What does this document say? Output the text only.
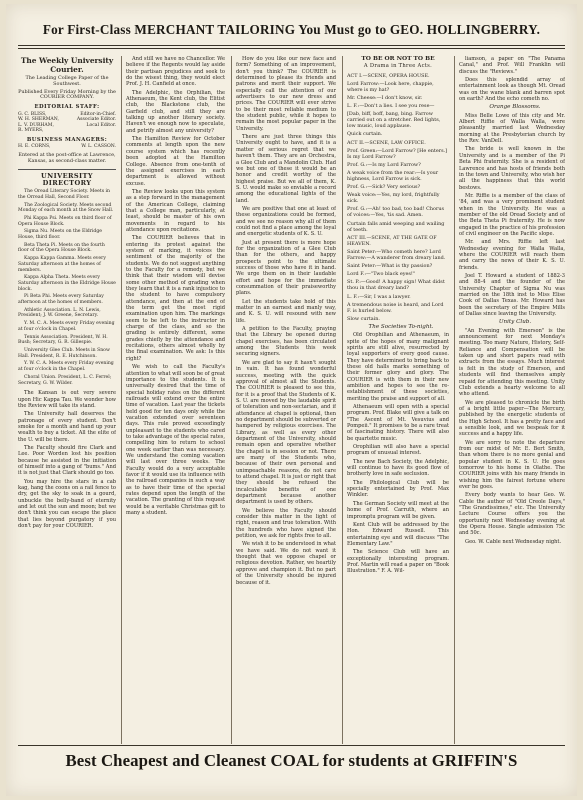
For First-Class MERCHANT TAILORING You Must go to GEO. HOLLINGBERRY.
The Weekly University Courier.
The Leading College Paper of the Southwest.
Published Every Friday Morning by the COURIER COMPANY.
EDITORIAL STAFF:
G. C. BLISS,	Editor-in-Chief.
W. H. SHERMAN,	Associate Editor.
L. V. DURHAM,	Local Editor.
R. MYERS,
BUSINESS MANAGERS:
H. E. CORNS,	W. L. CASSON.
Entered at the post-office at Lawrence, Kansas, as second-class matter.
UNIVERSITY DIRECTORY

The Oread Literary Society. Meets in the Orread Hall, Second Floor.

The Zoological Society. Meets second Monday of each month at the Snow Hall.

Phi Kappa Psi. Meets on third floor of Opera House Block.

Sigma Nu. Meets on the Eldridge House, third floor.

Beta Theta Pi. Meets on the fourth floor of the Opera House Block.

Kappa Kappa Gamma. Meets every Saturday afternoon at the homes of members.

Kappa Alpha Theta. Meets every Saturday afternoon in the Eldridge House block.

Pi Beta Phi. Meets every Saturday afternoon at the homes of members.

Athletic Association. L. N. Lewis, President; J. W. Greene, Secretary.

Y. M. C. A. Meets every Friday evening at four o'clock in Chapel.

Tennis Association. President, W. H. Bush; Secretary, G. R. Gillespie.

University Glee Club. Meets in Snow Hall. President, R. E. Hutchinson.

Y. W. C. A. Meets every Friday evening at four o'clock in the Chapel.

Choral Union. President, L. C. Ferrel; Secretary, G. W. Wilder.

The Kansan is out very severe upon Hic Kappa Tau. We wonder how the Review will take its stand.

The University hall deserves the patronage of every student. Don't smoke for a month and hand up your wealth to buy a ticket. All the elite of the U. will be there.

The Faculty should fire Clark and Lee. Poor Worden lost his position because he assisted in the initiation of himself into a gang of "bums." And it is not just that Clark should go too.

You may hire the stars in a cab kag, hang the coons on a rail fence to dry, get the sky to soak in a gourd, unbuckle the belly-band of eternity and let out the sun and moon; but we don't think you can escape the place that lies beyond purgatory if you don't pay for your COURIER.

And still we have no Chancellor. We believe if the Regents would lay aside their partisan prejudices and seek to do the wisest thing, they would elect Prof. J. H. Canfield at once.

The Adelphic, the Orphilian, the Athenaeum, the Kent club, the Elitist club, the Blackstone club, the Garfield club, and still they are talking up another literary society. Haven't we enough now to speculate, and petrify almost any university?

The Hamilton Review for October comments at length upon the new course system which has recently been adopted at the Hamilton College. Absence from one-tenth of the assigned exercises in each department is allowed without excuse.

The Review looks upon this system as a step forward in the management of the American College, claiming that a College man, particularly, at least, should be master of his own movements in regard to his attendance upon recitations.

The COURIER believes that in entering its protest against the system of marking, it voices the sentiment of the majority of the students. We do not suggest anything to the Faculty for a remedy, but we think that their wisdom will devise some other method of grading when they learn that it is a rank injustice to the student to have compulsory attendance, and then at the end of the term get the most rigid examination upon him. The markings seem to be left to the instructor in charge of the class, and so the grading is entirely different, some grades chiefly by the attendance and recitations, others almost wholly by the final examination. We ask: Is this right?

We wish to call the Faculty's attention to what will soon be of great importance to the students. It is universally desired that the time of special holiday rates on the different railroads will extend over the entire time of vacation. Last year the tickets held good for ten days only while the vacation extended over seventeen days. This rule proved exceedingly unpleasant to the students who cared to take advantage of the special rates, compelling him to return to school one week earlier than was necessary. We understand the coming vacation will last over three weeks. The Faculty would do a very acceptable favor if it would use its influence with the railroad companies in such a way as to have their time of the special rates depend upon the length of the vacation. The granting of this request would be a veritable Christmas gift to many a student.

How do you like our new face and form? Something of an improvement, don't you think? The COURIER is determined to please its friends and patrons and merit their support. We especially call the attention of our advertisers to our new dress and prices. The COURIER will ever strive to be their most reliable medium to the student public, while it hopes to remain the most popular paper in the University.

There are just three things this University ought to have, and it is a matter of serious regret that we haven't them. They are an Orchestra, a Glee Club and a Mandolin Club. Had we but one of these it would be an honor and credit worthy of the highest praise. But we all of them, K. S. U. would make so enviable a record among the educational lights of the land.

We are positive that one at least of these organizations could be formed, and we see no reason why all of them could not find a place among the loyal and energetic students of K. S. U.

Just at present there is more hope for the organization of a Glee Club than for the others, and happy prospects point to the ultimate success of those who have it in hand. We urge them on in their laudable effort and hope for the immediate consummation of their praiseworthy plans.

Let the students take hold of this matter in an earnest and manly way, and K. S. U. will resound with new life.

A petition to the Faculty, praying that the Library be opened during chapel exercises, has been circulated among the Students this week securing signers.

We are glad to say it hasn't sought in vain. It has found wonderful success, meeting with the quick approval of almost all the Students. The COURIER is pleased to see this, for it is a proof that the Students of K. S. U. are moved by the laudable spirit of toleration and non-sectarian, and if attendance at chapel is optional, then no department should be subverted or hampered by religious exercises. The Library, as well as every other department of the University, should remain open and operative whether the chapel is in session or not. There are many of the Students who, because of their own personal and unimpeachable reasons, do not care to attend chapel. It is just or right that they should be refused the incalculable benefits of one department because another department is used by others.

We believe the Faculty should consider this matter in the light of right, reason and true toleration. With the hundreds who have signed the petition, we ask for rights free to all.

We wish it to be understood in what we have said. We do not want it thought that we oppose chapel or religious devotion. Rather, we heartily approve and champion it. But no part of the University should be injured because of it.

TO BE OR NOT TO BE
A Drama in Three Acts.

ACT I.—SCENE, OPERA HOUSE.

Lord Farrow:—Look here, chappie, where is my hat?

Mr. Cheese:—I don't know, sir.

L. F.:—Don't a lies. I see you rese—

[Dab, biff, boff, bang, bing. Farrow carried out on a stretcher. Red lights, low music, loud applause.

Quick curtain.

ACT II.—SCENE, LAW OFFICE.

Prof. Green:—Lord Farrow? [He enters.] Is my Lord Farrow?

Prof. G.:—Is my Lord Farrow?

A weak voice from the rear:—Is your highness, Lord Farrow is sick.

Prof. G.:—Sick? Very serious?

Weak voice:—Yes, my lord, frightfully sick.

Prof. G.:—Ah! too bad, too bad! Chorus of voices:—Yes, 'tis sad. Amen.

Curtain falls amid weeping and wailing of teeth.

ACT III.—SCENE, AT THE GATE OF HEAVEN.

Saint Peter:—Who cometh here? Lord Farrow:—A wanderer from dreary land.

Saint Peter:—What is thy passion?

Lord F.:—"Two black eyes!"

St. P.:—Good! A happy sign! What didst thou in that dreary land?

L. F.:—Sir, I was a lawyer.

A tremendous noise is heard, and Lord F. is hurled below.

Slow curtain.

The Societies To-night.

Old Orophilian and Athenaeum, in spite of the hopes of many malignant spirits are still alive, resurrected by loyal supporters of every good cause. They have determined to bring back to these old halls marks something of their former glory and glory. The COURIER is with them in their new ambition and hopes to see the re-establishment of these societies, meriting the praise and support of all.

Athenaeum will open with a special program. Prof. Blake will give a talk on "The Ascent of Mt. Vesuvius and Pompeii." It promises to be a rare treat of fascinating history. There will also be quartette music.

Orophilian will also have a special program of unusual interest.

The new Bach Society, the Adelphic, will continue to have its good flow of brotherly love in safe seclusion.

The Philological Club will be specially entertained by Prof. Max Winkler.

The German Society will meet at the home of Prof. Carruth, where an impromptu program will be given.

Kent Club will be addressed by the Hon. Edward Russell. This entertaining eye and will discuss "The Elementary Law."

The Science Club will have an exceptionally interesting program. Prof. Martin will read a paper on "Book Illustration." F. A. Wil-

liamson, a paper on "The Panama Canal," and Prof. Will Franklin will discuss the "Reviews."

Does this splendid array of entertainment look as though Mt. Oread was on the wane blank and barren spot on earth? And the echo cometh no.

Orange Blossoms.

Miss Belle Lowe of this city and Mr. Albert Riffie of Walla Walla, were pleasantly married last Wednesday morning at the Presbyterian church by the Rev. VanDell.

The bride is well known in the University and is a member of the Pi Beta Phi fraternity. She is a resident of Lawrence and has hosts of friends both in the town and University, who wish her all the happiness that this world bestows.

Mr. Riffie is a member of the class of '84, and was a very prominent student when in the University. He was a member of the old Oread Society and of the Beta Theta Pi fraternity. He is now engaged in the practice of his profession of civil engineer on the Pacific slope.

Mr. and Mrs. Riffie left last Wednesday evening for Walla Walla, where the COURIER will reach them and carry the news of their K. S. U. friends.

Joel T. Howard a student of 1882-3 and 88-4 and the founder of the University Chapter of Sigma Nu was married on the 18th inst to Miss Elise Cook of Dallas Texas. Mr. Howard has been the secretary of the Empire Mills of Dallas since leaving the University.

Unity Club.

"An Evening with Emerson" is the announcement for next Monday's meeting. Too many Nature, History, Self-Reliance and Compensation will be taken up and short papers read with extracts from the essays. Much interest is felt in the study of Emerson, and students will find themselves amply repaid for attending this meeting. Unity Club extends a hearty welcome to all who attend.

We are pleased to chronicle the birth of a bright little paper—The Mercury, published by the energetic students of the High School. It has a pretty face and a sensible look, and we bespeak for it success and a happy life.

We are sorry to note the departure from our midst of Mr. E. Bert Smith, than whom there is no more genial and popular student in K. S. U. He goes tomorrow to his home in Olathe. The COURIER joins with his many friends in wishing him the fairest fortune where ever he goes.

Every body wants to hear Geo. W. Cable the author of "Old Creole Days," "The Grandissimes," etc. The University Lecture Course offers you the opportunity next Wednesday evening at the Opera House. Single admission 75c and 50c.

Geo. W. Cable next Wednesday night.

Best Cheapest and Cleanest COAL for students at GRIFFIN'S
